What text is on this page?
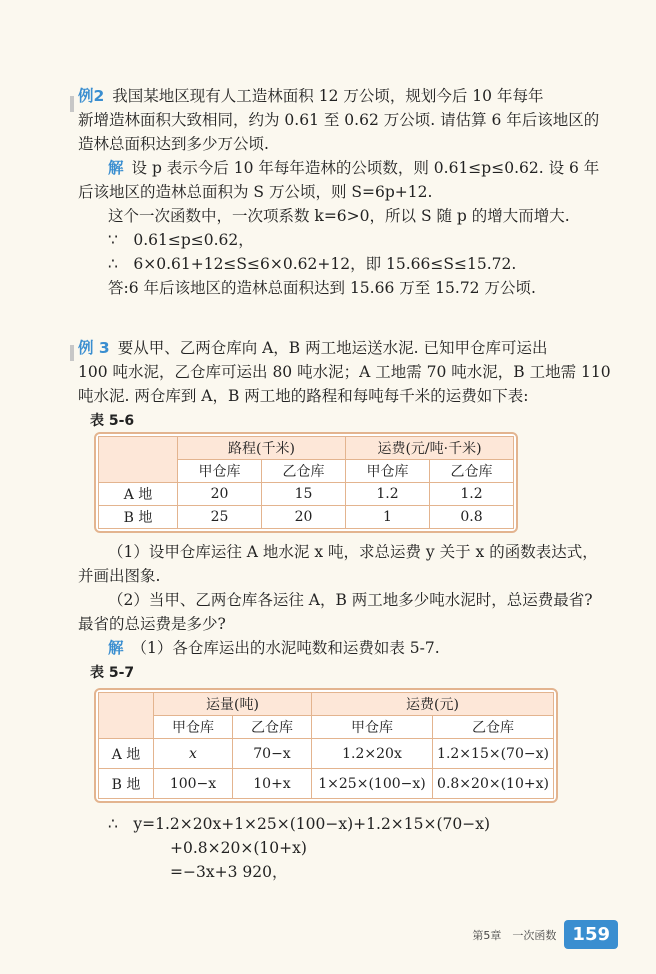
例2 我国某地区现有人工造林面积 12 万公顷，规划今后 10 年每年
新增造林面积大致相同，约为 0.61 至 0.62 万公顷. 请估算 6 年后该地区的
造林总面积达到多少万公顷.
解 设 p 表示今后 10 年每年造林的公顷数，则 0.61≤p≤0.62. 设 6 年
后该地区的造林总面积为 S 万公顷，则 S=6p+12.
这个一次函数中，一次项系数 k=6>0，所以 S 随 p 的增大而增大.
∵　0.61≤p≤0.62，
∴　6×0.61+12≤S≤6×0.62+12，即 15.66≤S≤15.72.
答:6 年后该地区的造林总面积达到 15.66 万至 15.72 万公顷.
例 3 要从甲、乙两仓库向 A，B 两工地运送水泥. 已知甲仓库可运出
100 吨水泥，乙仓库可运出 80 吨水泥；A 工地需 70 吨水泥，B 工地需 110
吨水泥. 两仓库到 A，B 两工地的路程和每吨每千米的运费如下表:
表 5-6
	路程(千米)		运费(元/吨·千米)	
	甲仓库	乙仓库	甲仓库	乙仓库
A 地	20	15	1.2	1.2
B 地	25	20	1	0.8
（1）设甲仓库运往 A 地水泥 x 吨，求总运费 y 关于 x 的函数表达式，
并画出图象.
（2）当甲、乙两仓库各运往 A，B 两工地多少吨水泥时，总运费最省?
最省的总运费是多少?
解 （1）各仓库运出的水泥吨数和运费如表 5-7.
表 5-7
	运量(吨)		运费(元)	
	甲仓库	乙仓库	甲仓库	乙仓库
A 地	x	70−x	1.2×20x	1.2×15×(70−x)
B 地	100−x	10+x	1×25×(100−x)	0.8×20×(10+x)
∴　y=1.2×20x+1×25×(100−x)+1.2×15×(70−x)
+0.8×20×(10+x)
=−3x+3 920，
第5章　一次函数 159
